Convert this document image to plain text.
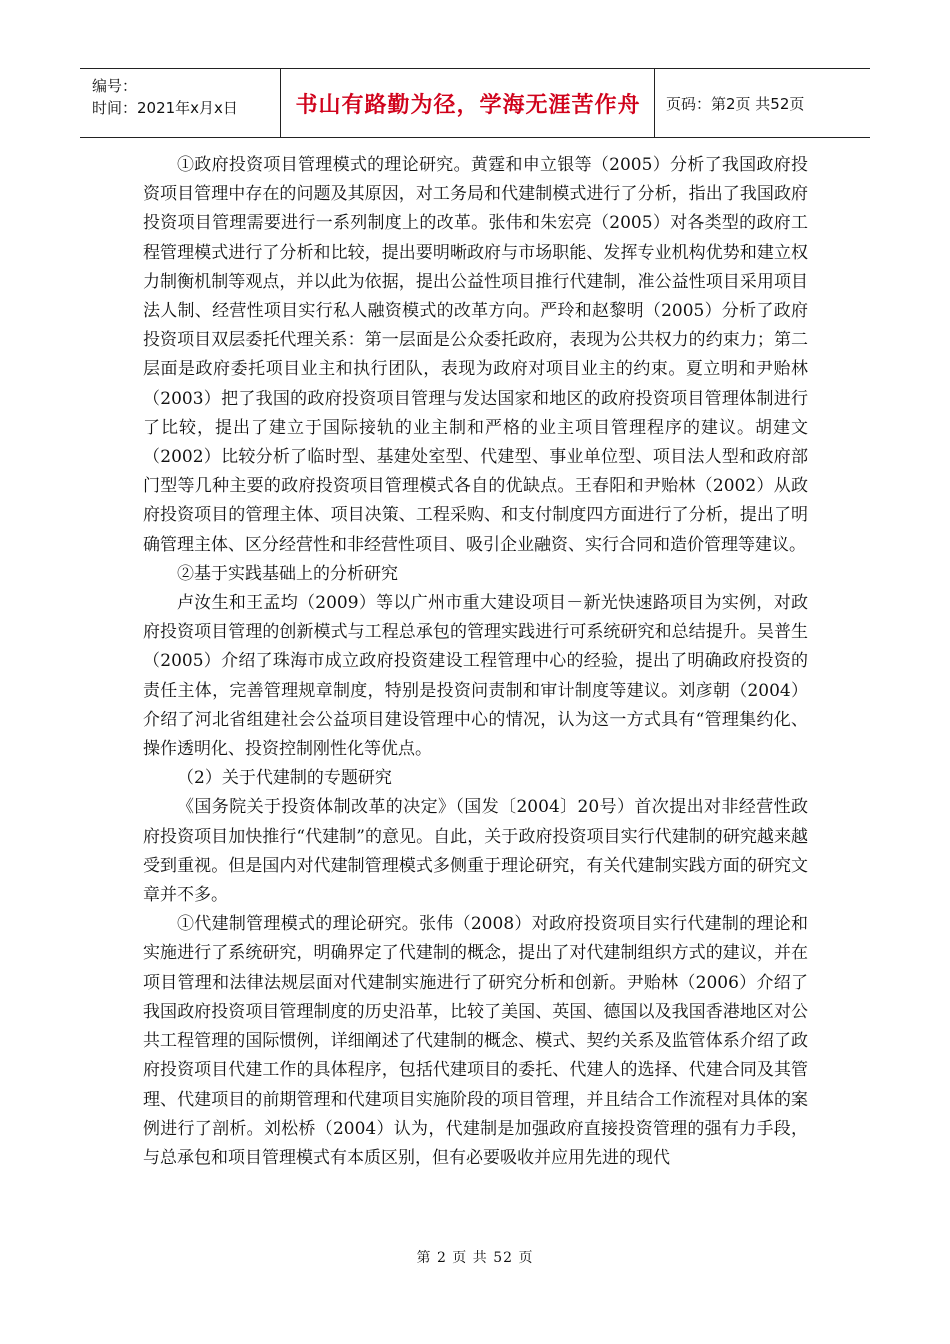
编号：
时间：2021年x月x日	书山有路勤为径，学海无涯苦作舟	页码：第2页 共52页

①政府投资项目管理模式的理论研究。黄霆和申立银等（2005）分析了我国政府投资项目管理中存在的问题及其原因，对工务局和代建制模式进行了分析，指出了我国政府投资项目管理需要进行一系列制度上的改革。张伟和朱宏亮（2005）对各类型的政府工程管理模式进行了分析和比较，提出要明晰政府与市场职能、发挥专业机构优势和建立权力制衡机制等观点，并以此为依据，提出公益性项目推行代建制，准公益性项目采用项目法人制、经营性项目实行私人融资模式的改革方向。严玲和赵黎明（2005）分析了政府投资项目双层委托代理关系：第一层面是公众委托政府，表现为公共权力的约束力；第二层面是政府委托项目业主和执行团队，表现为政府对项目业主的约束。夏立明和尹贻林（2003）把了我国的政府投资项目管理与发达国家和地区的政府投资项目管理体制进行了比较，提出了建立于国际接轨的业主制和严格的业主项目管理程序的建议。胡建文（2002）比较分析了临时型、基建处室型、代建型、事业单位型、项目法人型和政府部门型等几种主要的政府投资项目管理模式各自的优缺点。王春阳和尹贻林（2002）从政府投资项目的管理主体、项目决策、工程采购、和支付制度四方面进行了分析，提出了明确管理主体、区分经营性和非经营性项目、吸引企业融资、实行合同和造价管理等建议。

②基于实践基础上的分析研究

卢汝生和王孟均（2009）等以广州市重大建设项目－新光快速路项目为实例，对政府投资项目管理的创新模式与工程总承包的管理实践进行可系统研究和总结提升。吴普生（2005）介绍了珠海市成立政府投资建设工程管理中心的经验，提出了明确政府投资的责任主体，完善管理规章制度，特别是投资问责制和审计制度等建议。刘彦朝（2004）介绍了河北省组建社会公益项目建设管理中心的情况，认为这一方式具有“管理集约化、操作透明化、投资控制刚性化等优点。

（2）关于代建制的专题研究

《国务院关于投资体制改革的决定》（国发〔2004〕20号）首次提出对非经营性政府投资项目加快推行“代建制”的意见。自此，关于政府投资项目实行代建制的研究越来越受到重视。但是国内对代建制管理模式多侧重于理论研究，有关代建制实践方面的研究文章并不多。

①代建制管理模式的理论研究。张伟（2008）对政府投资项目实行代建制的理论和实施进行了系统研究，明确界定了代建制的概念，提出了对代建制组织方式的建议，并在项目管理和法律法规层面对代建制实施进行了研究分析和创新。尹贻林（2006）介绍了我国政府投资项目管理制度的历史沿革，比较了美国、英国、德国以及我国香港地区对公共工程管理的国际惯例，详细阐述了代建制的概念、模式、契约关系及监管体系介绍了政府投资项目代建工作的具体程序，包括代建项目的委托、代建人的选择、代建合同及其管理、代建项目的前期管理和代建项目实施阶段的项目管理，并且结合工作流程对具体的案例进行了剖析。刘松桥（2004）认为，代建制是加强政府直接投资管理的强有力手段，与总承包和项目管理模式有本质区别，但有必要吸收并应用先进的现代

第 2 页 共 52 页
